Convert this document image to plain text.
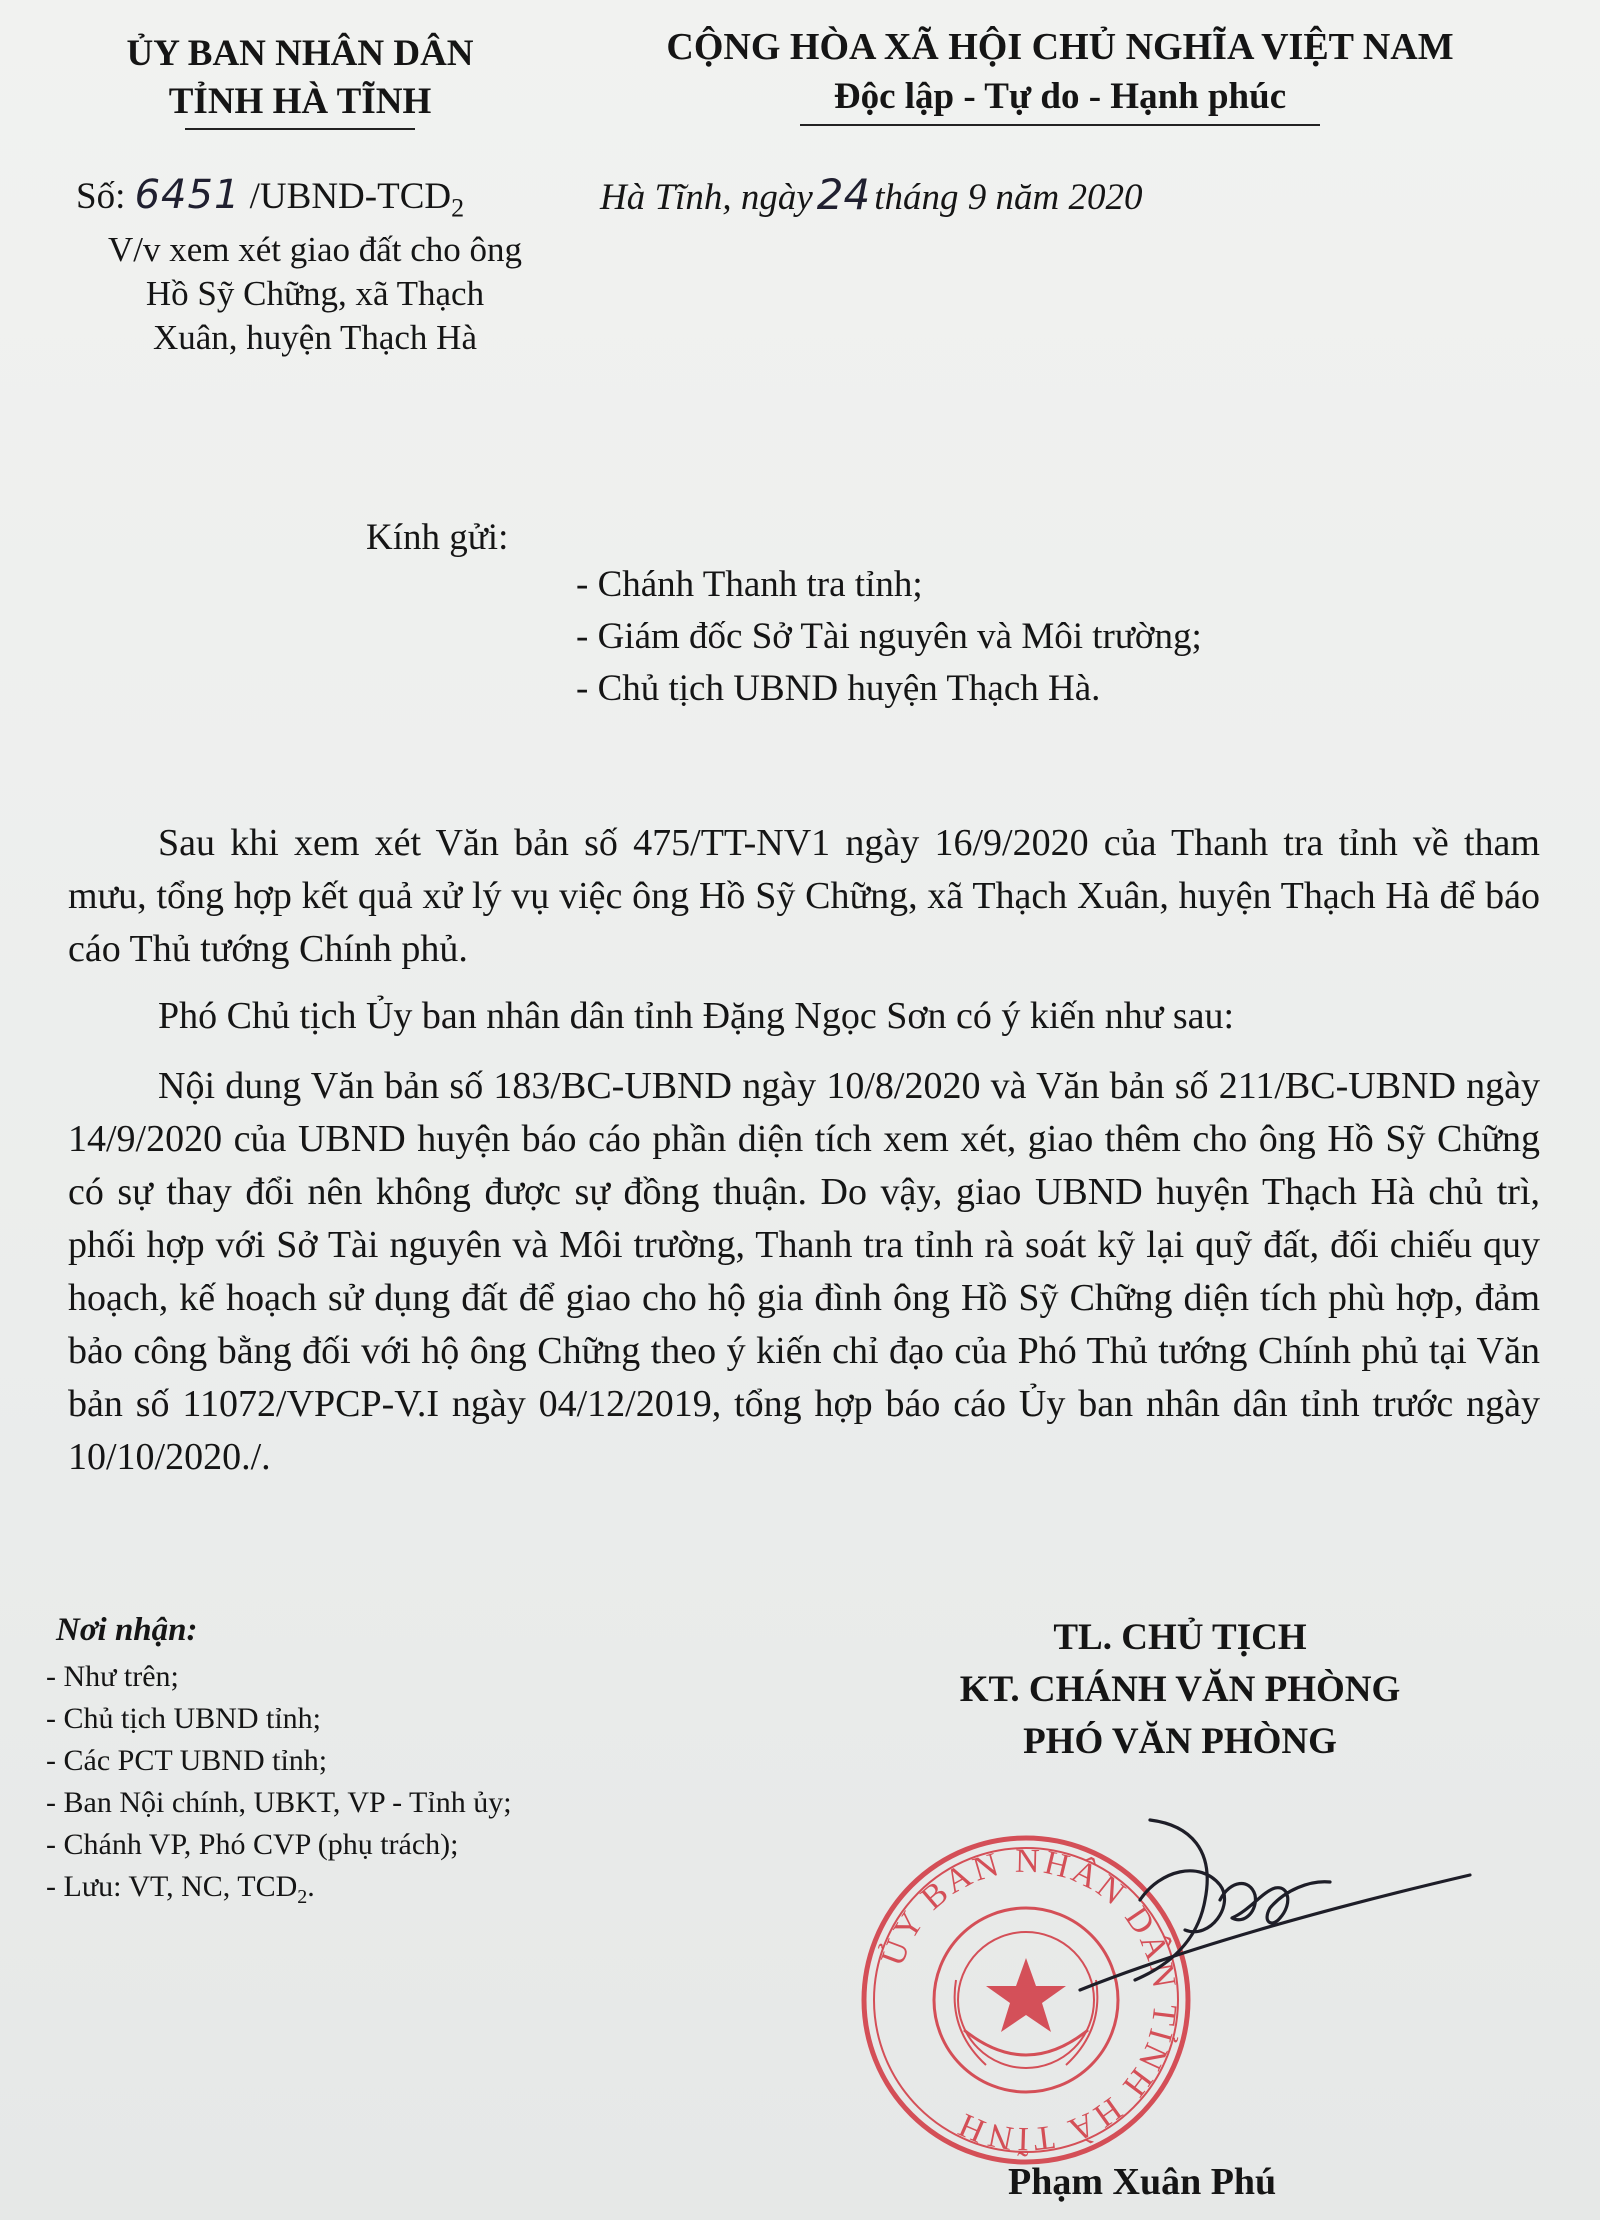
ỦY BAN NHÂN DÂN
TỈNH HÀ TĨNH
CỘNG HÒA XÃ HỘI CHỦ NGHĨA VIỆT NAM
Độc lập - Tự do - Hạnh phúc
Số: 6451 $/UBND-TCD_2$
V/v xem xét giao đất cho ông
Hồ Sỹ Chững, xã Thạch
Xuân, huyện Thạch Hà
Hà Tĩnh, ngày24 tháng 9 năm 2020
Kính gửi:
- Chánh Thanh tra tỉnh;
- Giám đốc Sở Tài nguyên và Môi trường;
- Chủ tịch UBND huyện Thạch Hà.

Sau khi xem xét Văn bản số 475/TT-NV1 ngày 16/9/2020 của Thanh tra tỉnh về tham mưu, tổng hợp kết quả xử lý vụ việc ông Hồ Sỹ Chững, xã Thạch Xuân, huyện Thạch Hà để báo cáo Thủ tướng Chính phủ.

Phó Chủ tịch Ủy ban nhân dân tỉnh Đặng Ngọc Sơn có ý kiến như sau:

Nội dung Văn bản số 183/BC-UBND ngày 10/8/2020 và Văn bản số 211/BC-UBND ngày 14/9/2020 của UBND huyện báo cáo phần diện tích xem xét, giao thêm cho ông Hồ Sỹ Chững có sự thay đổi nên không được sự đồng thuận. Do vậy, giao UBND huyện Thạch Hà chủ trì, phối hợp với Sở Tài nguyên và Môi trường, Thanh tra tỉnh rà soát kỹ lại quỹ đất, đối chiếu quy hoạch, kế hoạch sử dụng đất để giao cho hộ gia đình ông Hồ Sỹ Chững diện tích phù hợp, đảm bảo công bằng đối với hộ ông Chững theo ý kiến chỉ đạo của Phó Thủ tướng Chính phủ tại Văn bản số 11072/VPCP-V.I ngày 04/12/2019, tổng hợp báo cáo Ủy ban nhân dân tỉnh trước ngày 10/10/2020./.

Nơi nhận:
- Như trên;
- Chủ tịch UBND tỉnh;
- Các PCT UBND tỉnh;
- Ban Nội chính, UBKT, VP - Tỉnh ủy;
- Chánh VP, Phó CVP (phụ trách);
- Lưu: VT, NC, $TCD_2$.
TL. CHỦ TỊCH
KT. CHÁNH VĂN PHÒNG
PHÓ VĂN PHÒNG
ỦY BAN NHÂN DÂN TỈNH HÀ TĨNH
Phạm Xuân Phú
